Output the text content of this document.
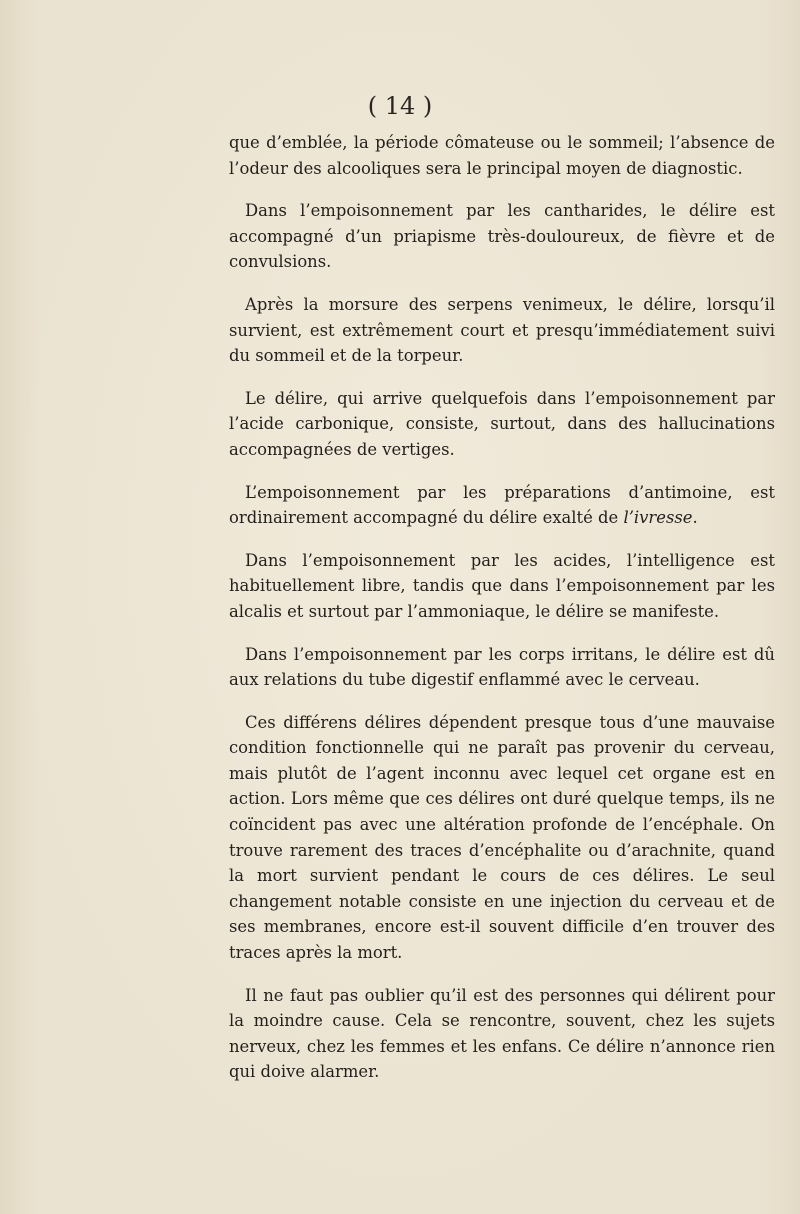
( 14 )

que d’emblée, la période cômateuse ou le sommeil; l’absence de l’odeur des alcooliques sera le principal moyen de diagnostic.

Dans l’empoisonnement par les cantharides, le délire est accompagné d’un priapisme très-douloureux, de fièvre et de convulsions.

Après la morsure des serpens venimeux, le délire, lorsqu’il survient, est extrêmement court et presqu’immédiatement suivi du sommeil et de la torpeur.

Le délire, qui arrive quelquefois dans l’empoisonnement par l’acide carbonique, consiste, surtout, dans des hallucinations accompagnées de vertiges.

L’empoisonnement par les préparations d’antimoine, est ordinairement accompagné du délire exalté de l’ivresse.

Dans l’empoisonnement par les acides, l’intelligence est habituellement libre, tandis que dans l’empoisonnement par les alcalis et surtout par l’ammoniaque, le délire se manifeste.

Dans l’empoisonnement par les corps irritans, le délire est dû aux relations du tube digestif enflammé avec le cerveau.

Ces différens délires dépendent presque tous d’une mauvaise condition fonctionnelle qui ne paraît pas provenir du cerveau, mais plutôt de l’agent inconnu avec lequel cet organe est en action. Lors même que ces délires ont duré quelque temps, ils ne coïncident pas avec une altération profonde de l’encéphale. On trouve rarement des traces d’encéphalite ou d’arachnite, quand la mort survient pendant le cours de ces délires. Le seul changement notable consiste en une injection du cerveau et de ses membranes, encore est-il souvent difficile d’en trouver des traces après la mort.

Il ne faut pas oublier qu’il est des personnes qui délirent pour la moindre cause. Cela se rencontre, souvent, chez les sujets nerveux, chez les femmes et les enfans. Ce délire n’annonce rien qui doive alarmer.
